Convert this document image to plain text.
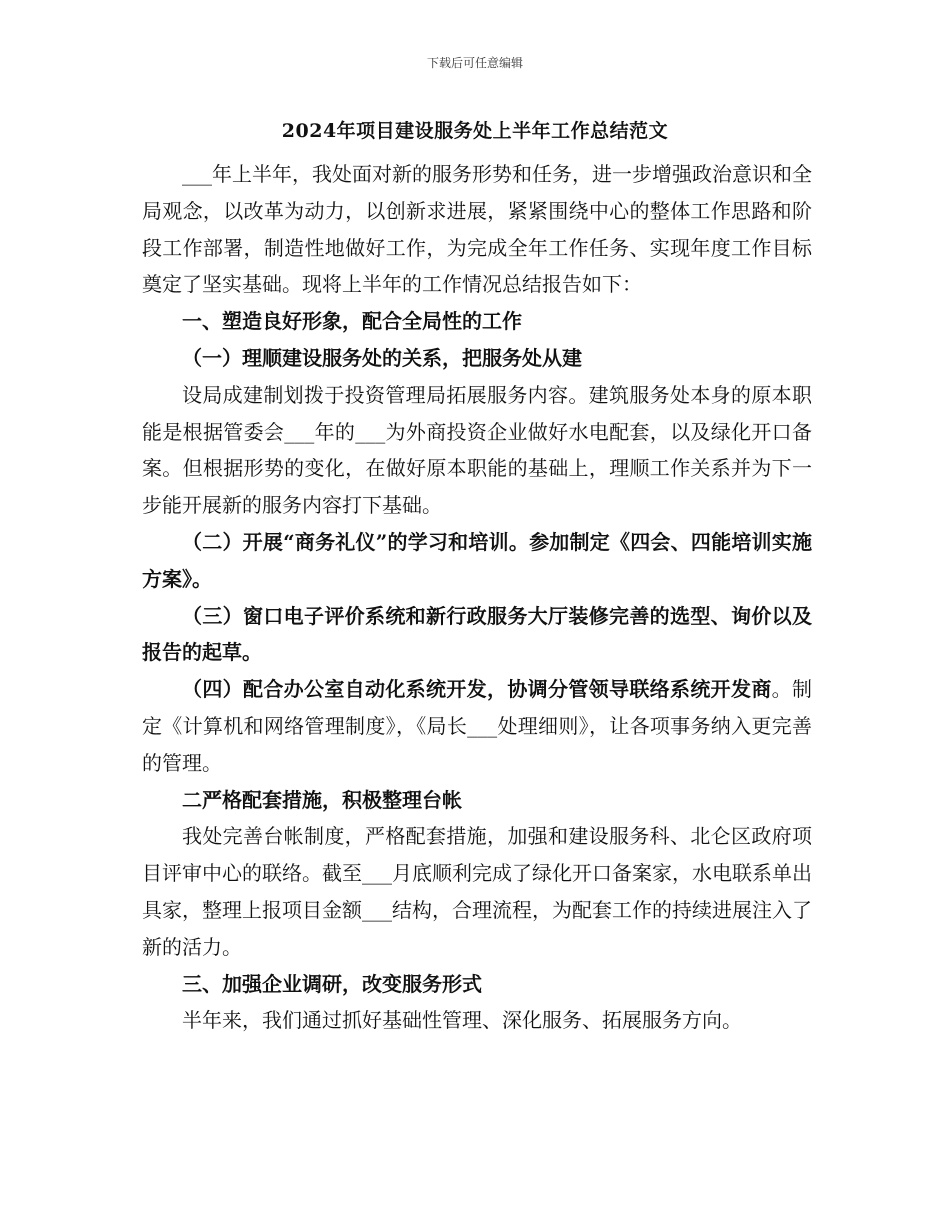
下载后可任意编辑
2024年项目建设服务处上半年工作总结范文

___年上半年，我处面对新的服务形势和任务，进一步增强政治意识和全局观念，以改革为动力，以创新求进展，紧紧围绕中心的整体工作思路和阶段工作部署，制造性地做好工作，为完成全年工作任务、实现年度工作目标奠定了坚实基础。现将上半年的工作情况总结报告如下：

一、塑造良好形象，配合全局性的工作

（一）理顺建设服务处的关系，把服务处从建

设局成建制划拨于投资管理局拓展服务内容。建筑服务处本身的原本职能是根据管委会___年的___为外商投资企业做好水电配套，以及绿化开口备案。但根据形势的变化，在做好原本职能的基础上，理顺工作关系并为下一步能开展新的服务内容打下基础。

（二）开展“商务礼仪”的学习和培训。参加制定《四会、四能培训实施方案》。

（三）窗口电子评价系统和新行政服务大厅装修完善的选型、询价以及报告的起草。

（四）配合办公室自动化系统开发，协调分管领导联络系统开发商。制定《计算机和网络管理制度》，《局长___处理细则》，让各项事务纳入更完善的管理。

二严格配套措施，积极整理台帐

我处完善台帐制度，严格配套措施，加强和建设服务科、北仑区政府项目评审中心的联络。截至___月底顺利完成了绿化开口备案家，水电联系单出具家，整理上报项目金额___结构，合理流程，为配套工作的持续进展注入了新的活力。

三、加强企业调研，改变服务形式

半年来，我们通过抓好基础性管理、深化服务、拓展服务方向。
